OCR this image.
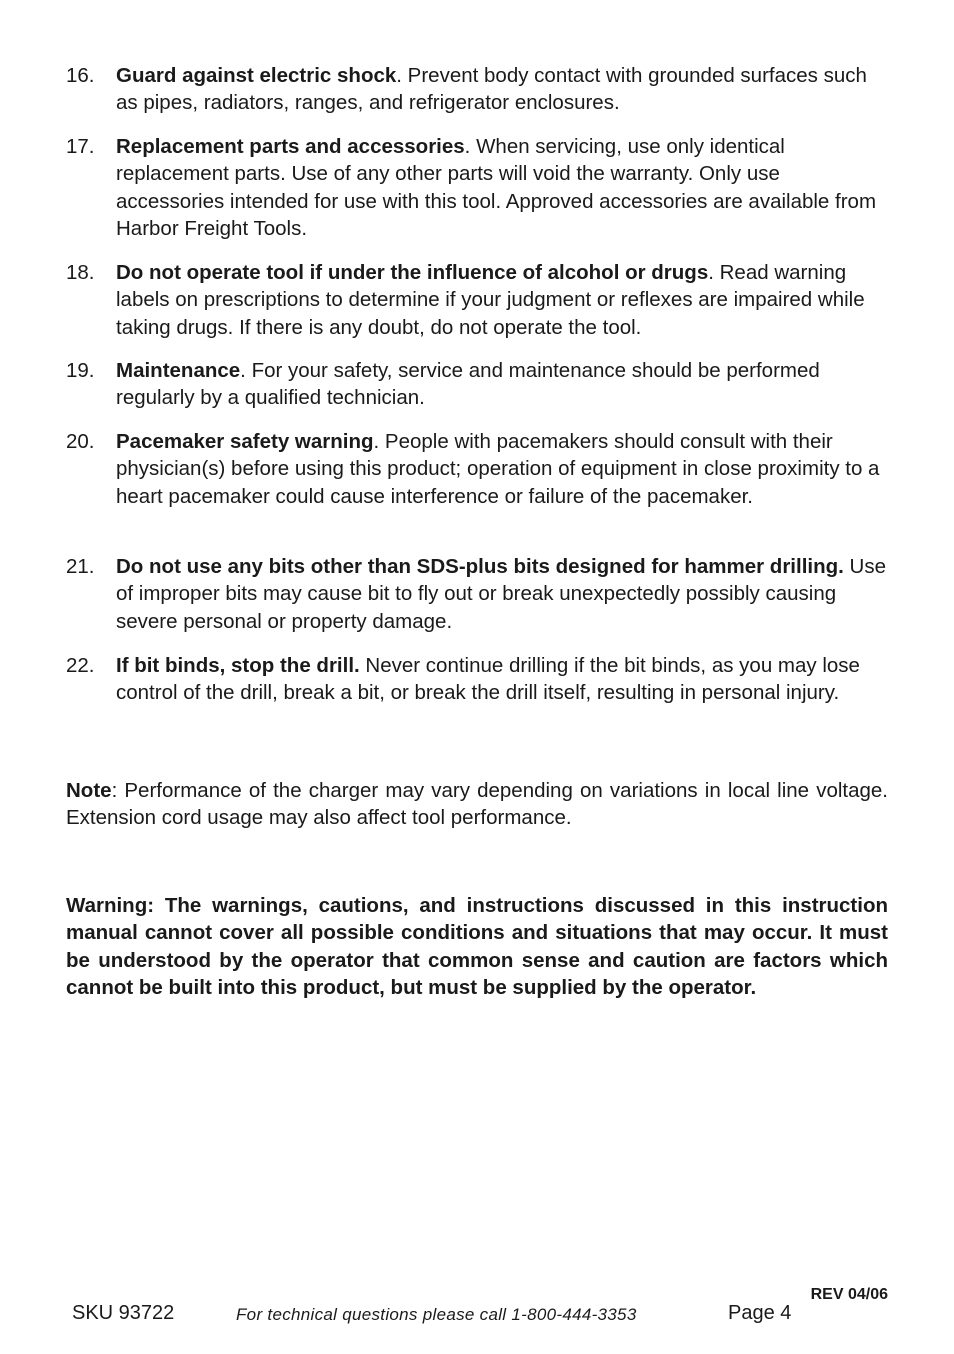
16. Guard against electric shock. Prevent body contact with grounded surfaces such as pipes, radiators, ranges, and refrigerator enclosures.
17. Replacement parts and accessories. When servicing, use only identical replacement parts. Use of any other parts will void the warranty. Only use accessories intended for use with this tool. Approved accessories are available from Harbor Freight Tools.
18. Do not operate tool if under the influence of alcohol or drugs. Read warning labels on prescriptions to determine if your judgment or reflexes are impaired while taking drugs. If there is any doubt, do not operate the tool.
19. Maintenance. For your safety, service and maintenance should be performed regularly by a qualified technician.
20. Pacemaker safety warning. People with pacemakers should consult with their physician(s) before using this product; operation of equipment in close proximity to a heart pacemaker could cause interference or failure of the pacemaker.
21. Do not use any bits other than SDS-plus bits designed for hammer drilling. Use of improper bits may cause bit to fly out or break unexpectedly possibly causing severe personal or property damage.
22. If bit binds, stop the drill. Never continue drilling if the bit binds, as you may lose control of the drill, break a bit, or break the drill itself, resulting in personal injury.
Note: Performance of the charger may vary depending on variations in local line voltage. Extension cord usage may also affect tool performance.
Warning: The warnings, cautions, and instructions discussed in this instruction manual cannot cover all possible conditions and situations that may occur. It must be understood by the operator that common sense and caution are factors which cannot be built into this product, but must be supplied by the operator.
REV 04/06
SKU 93722	For technical questions please call 1-800-444-3353	Page 4
